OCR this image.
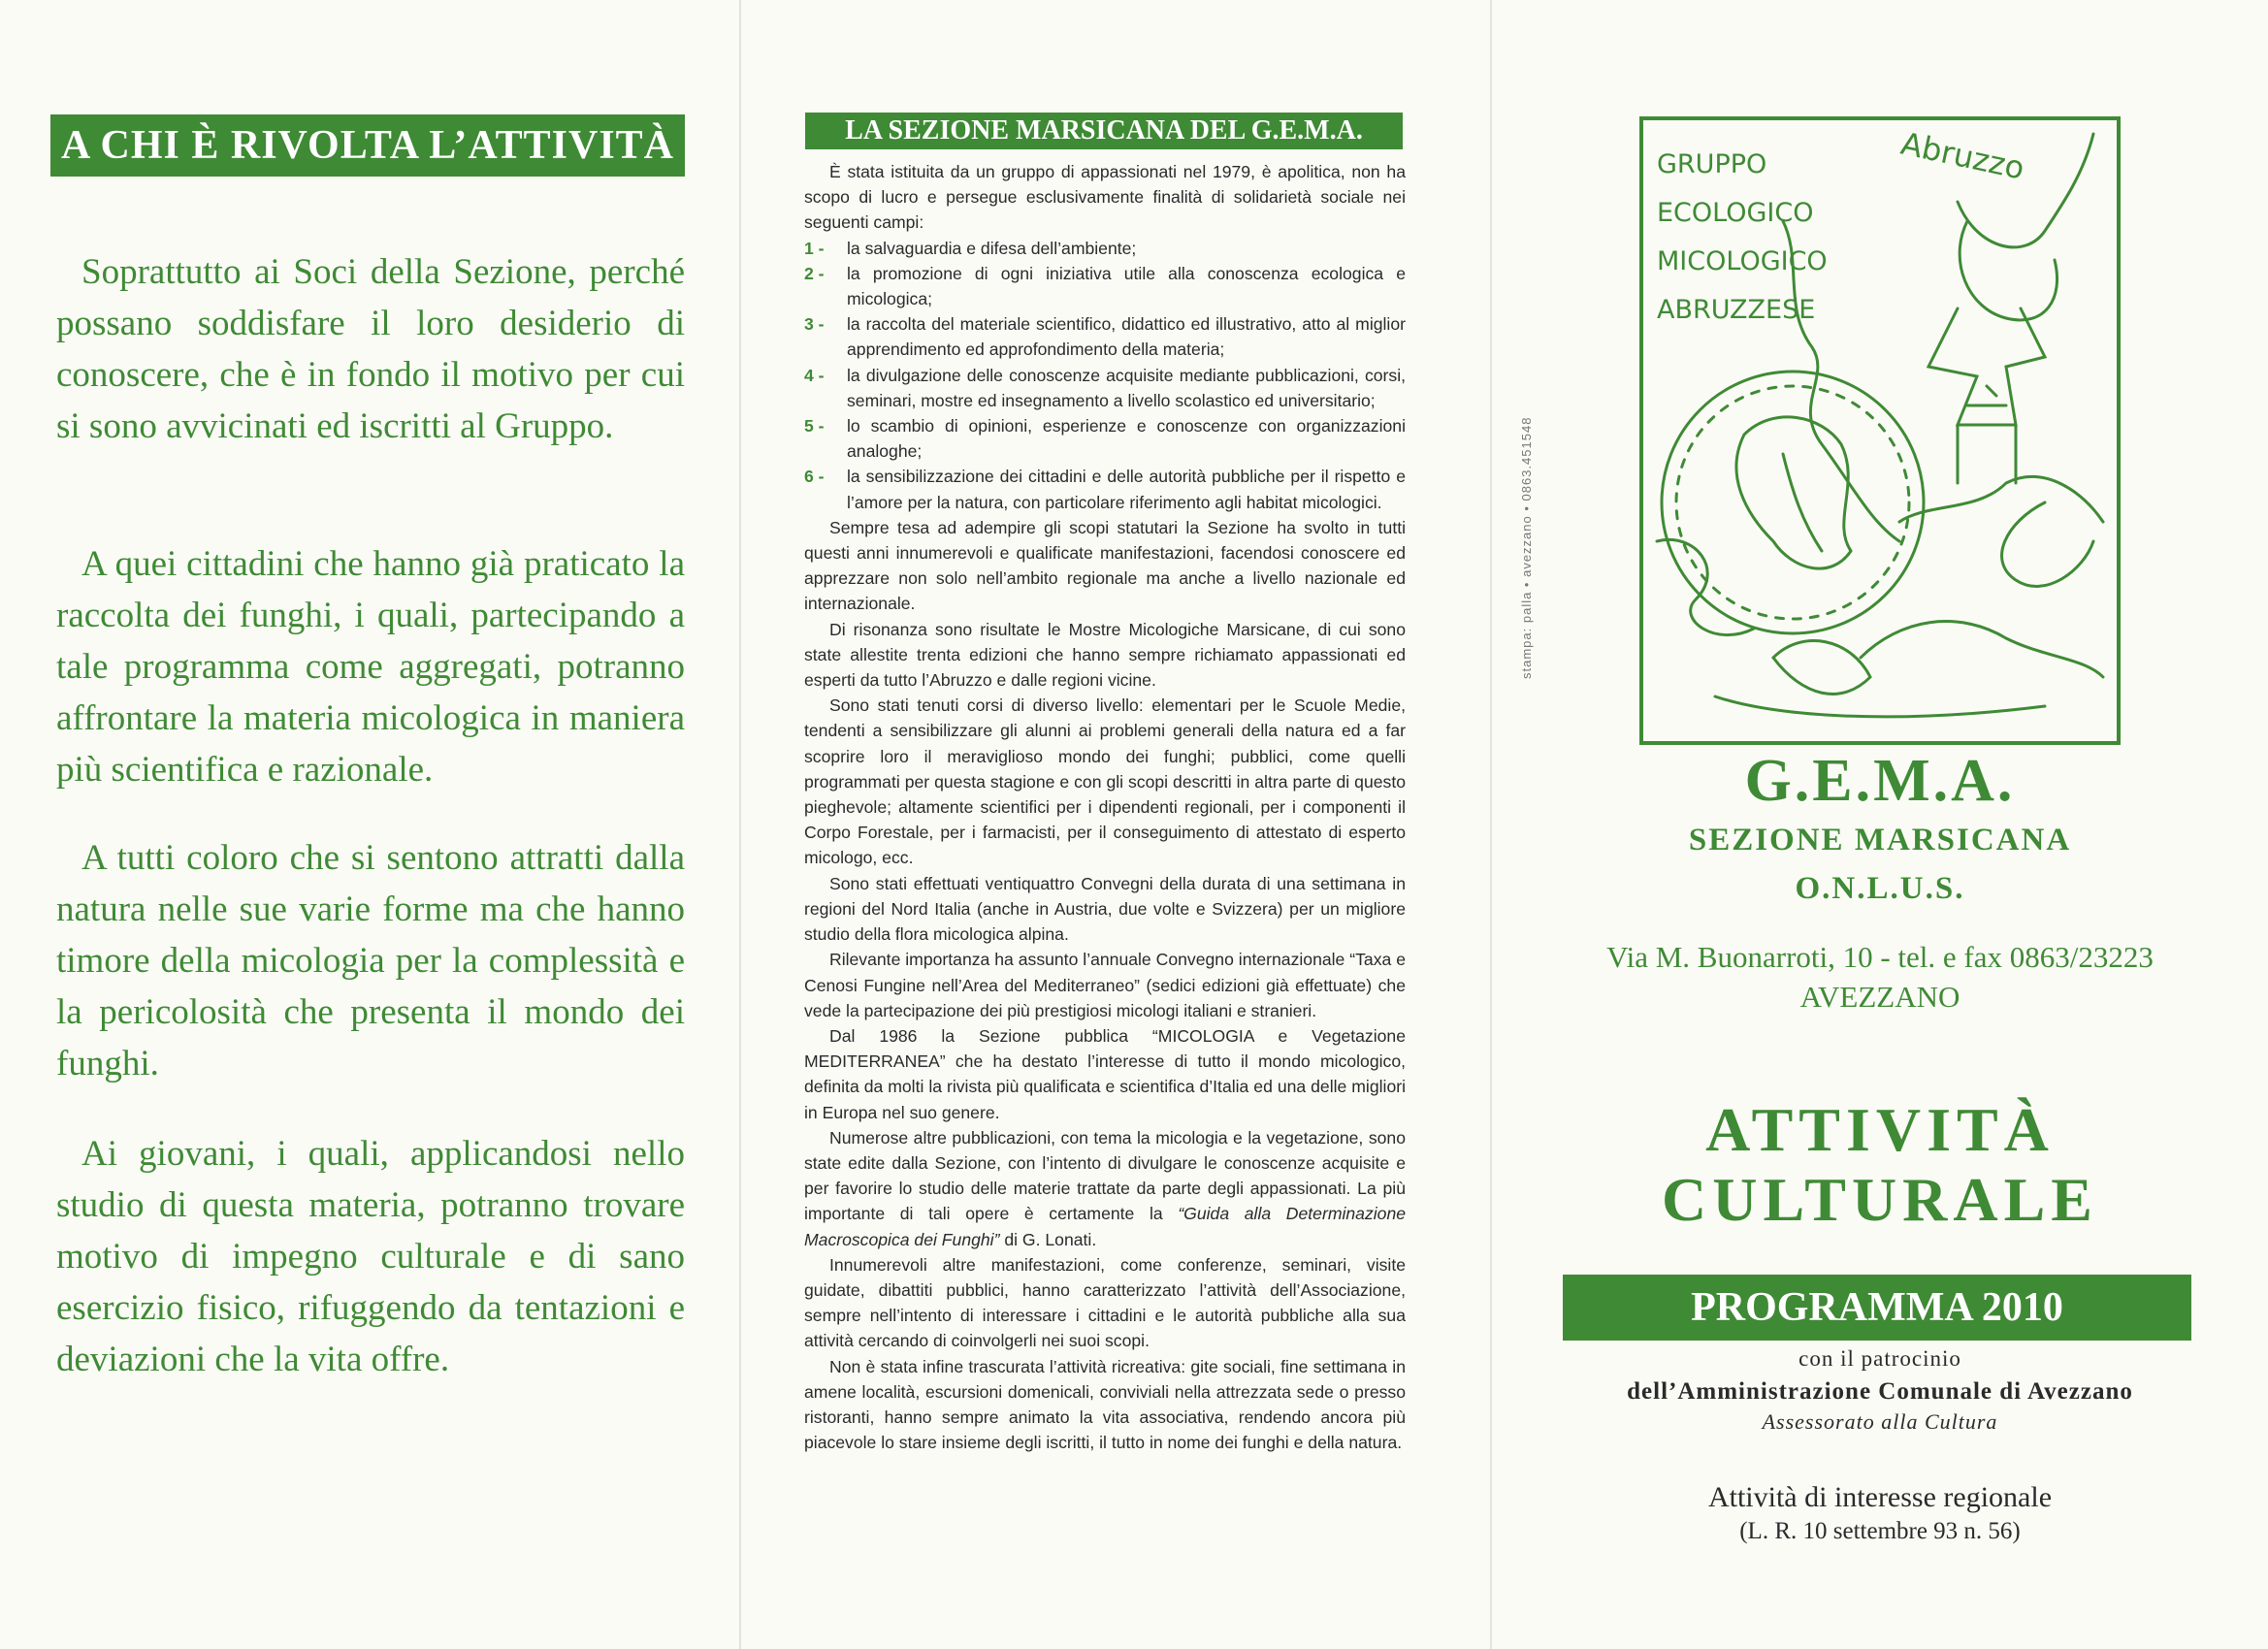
A CHI È RIVOLTA L’ATTIVITÀ

Soprattutto ai Soci della Sezione, perché possano soddisfare il loro desiderio di conoscere, che è in fondo il motivo per cui si sono avvicinati ed iscritti al Gruppo.

A quei cittadini che hanno già praticato la raccolta dei funghi, i quali, partecipando a tale programma come aggregati, potranno affrontare la materia micologica in maniera più scientifica e razionale.

A tutti coloro che si sentono attratti dalla natura nelle sue varie forme ma che hanno timore della micologia per la complessità e la pericolosità che presenta il mondo dei funghi.

Ai giovani, i quali, applicandosi nello studio di questa materia, potranno trovare motivo di impegno culturale e di sano esercizio fisico, rifuggendo da tentazioni e deviazioni che la vita offre.

LA SEZIONE MARSICANA DEL G.E.M.A.

È stata istituita da un gruppo di appassionati nel 1979, è apolitica, non ha scopo di lucro e persegue esclusivamente finalità di solidarietà sociale nei seguenti campi:

1 - la salvaguardia e difesa dell’ambiente;

2 - la promozione di ogni iniziativa utile alla conoscenza ecologica e micologica;

3 - la raccolta del materiale scientifico, didattico ed illustrativo, atto al miglior apprendimento ed approfondimento della materia;

4 - la divulgazione delle conoscenze acquisite mediante pubblicazioni, corsi, seminari, mostre ed insegnamento a livello scolastico ed universitario;

5 - lo scambio di opinioni, esperienze e conoscenze con organizzazioni analoghe;

6 - la sensibilizzazione dei cittadini e delle autorità pubbliche per il rispetto e l’amore per la natura, con particolare riferimento agli habitat micologici.

Sempre tesa ad adempire gli scopi statutari la Sezione ha svolto in tutti questi anni innumerevoli e qualificate manifestazioni, facendosi conoscere ed apprezzare non solo nell’ambito regionale ma anche a livello nazionale ed internazionale.

Di risonanza sono risultate le Mostre Micologiche Marsicane, di cui sono state allestite trenta edizioni che hanno sempre richiamato appassionati ed esperti da tutto l’Abruzzo e dalle regioni vicine.

Sono stati tenuti corsi di diverso livello: elementari per le Scuole Medie, tendenti a sensibilizzare gli alunni ai problemi generali della natura ed a far scoprire loro il meraviglioso mondo dei funghi; pubblici, come quelli programmati per questa stagione e con gli scopi descritti in altra parte di questo pieghevole; altamente scientifici per i dipendenti regionali, per i componenti il Corpo Forestale, per i farmacisti, per il conseguimento di attestato di esperto micologo, ecc.

Sono stati effettuati ventiquattro Convegni della durata di una settimana in regioni del Nord Italia (anche in Austria, due volte e Svizzera) per un migliore studio della flora micologica alpina.

Rilevante importanza ha assunto l’annuale Convegno internazionale “Taxa e Cenosi Fungine nell’Area del Mediterraneo” (sedici edizioni già effettuate) che vede la partecipazione dei più prestigiosi micologi italiani e stranieri.

Dal 1986 la Sezione pubblica “MICOLOGIA e Vegetazione MEDITERRANEA” che ha destato l’interesse di tutto il mondo micologico, definita da molti la rivista più qualificata e scientifica d’Italia ed una delle migliori in Europa nel suo genere.

Numerose altre pubblicazioni, con tema la micologia e la vegetazione, sono state edite dalla Sezione, con l’intento di divulgare le conoscenze acquisite e per favorire lo studio delle materie trattate da parte degli appassionati. La più importante di tali opere è certamente la “Guida alla Determinazione Macroscopica dei Funghi” di G. Lonati.

Innumerevoli altre manifestazioni, come conferenze, seminari, visite guidate, dibattiti pubblici, hanno caratterizzato l’attività dell’Associazione, sempre nell’intento di interessare i cittadini e le autorità pubbliche alla sua attività cercando di coinvolgerli nei suoi scopi.

Non è stata infine trascurata l’attività ricreativa: gite sociali, fine settimana in amene località, escursioni domenicali, conviviali nella attrezzata sede o presso ristoranti, hanno sempre animato la vita associativa, rendendo ancora più piacevole lo stare insieme degli iscritti, il tutto in nome dei funghi e della natura.

stampa: palla • avezzano • 0863.451548
GRUPPO
ECOLOGICO
MICOLOGICO
ABRUZZESE
Abruzzo

G.E.M.A.

SEZIONE MARSICANA

O.N.L.U.S.

Via M. Buonarroti, 10 - tel. e fax 0863/23223

AVEZZANO

ATTIVITÀ

CULTURALE

PROGRAMMA 2010

con il patrocinio

dell’Amministrazione Comunale di Avezzano

Assessorato alla Cultura

Attività di interesse regionale

(L. R. 10 settembre 93 n. 56)
